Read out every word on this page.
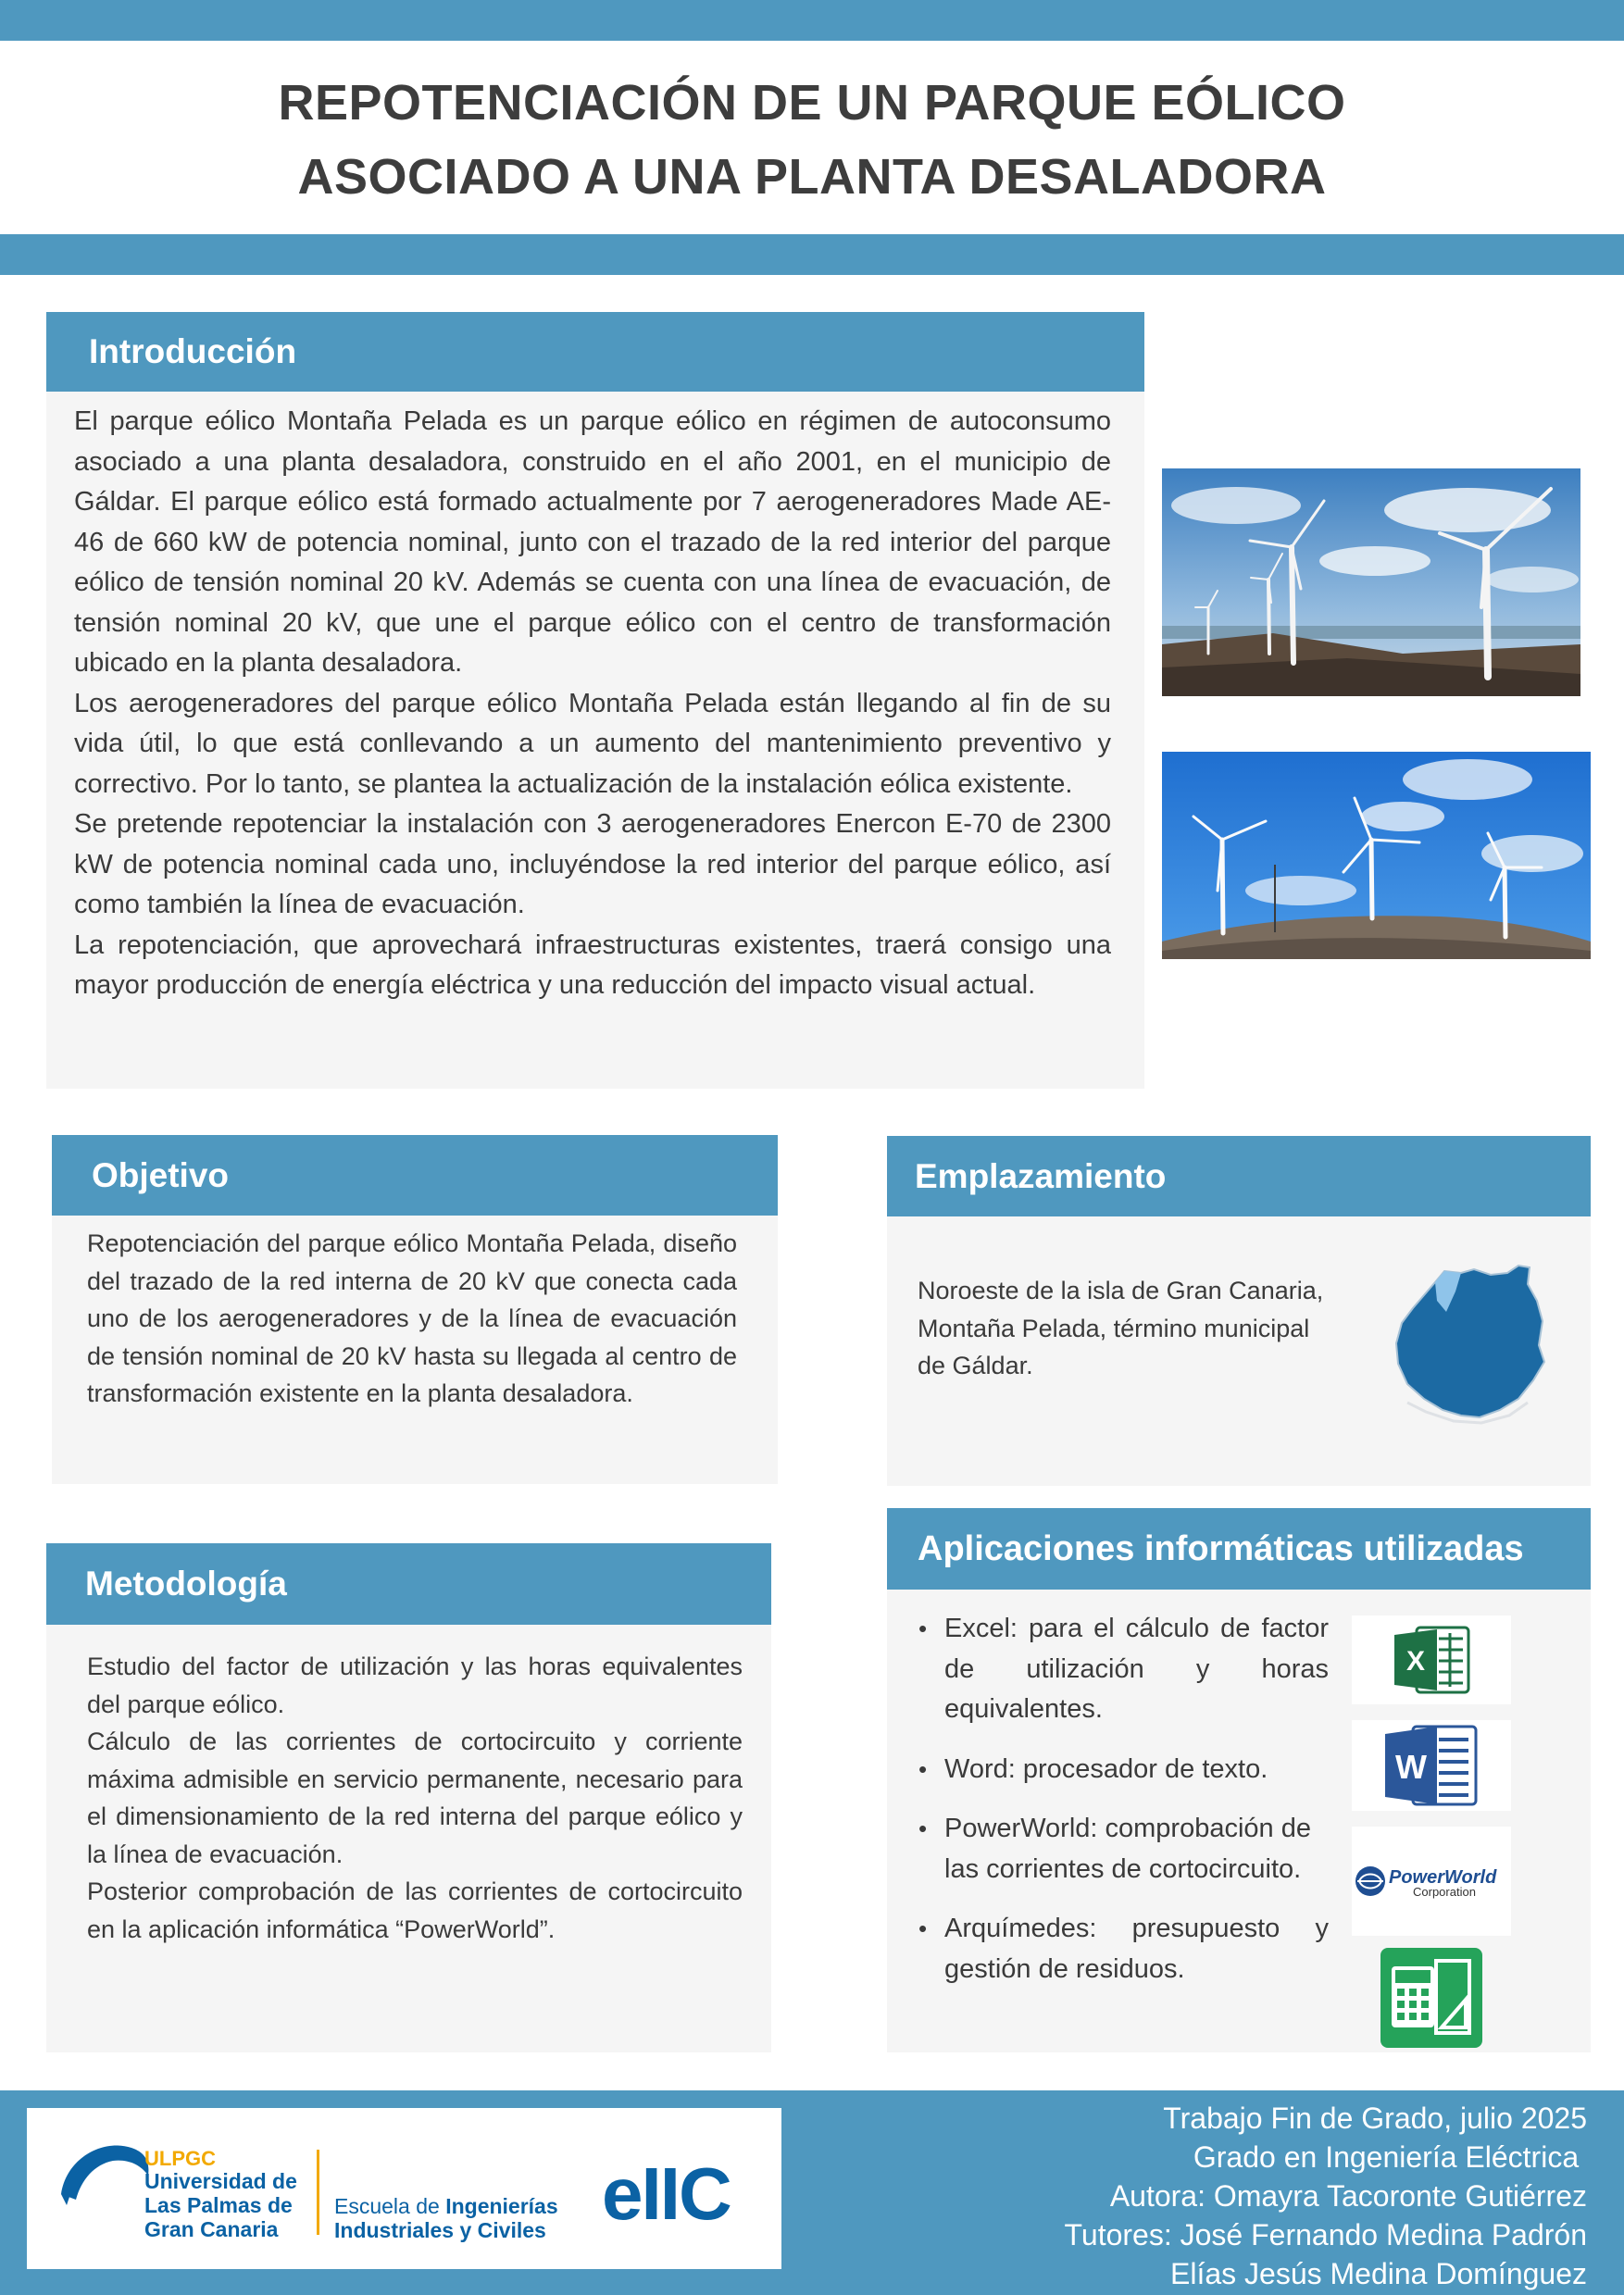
REPOTENCIACIÓN DE UN PARQUE EÓLICO
ASOCIADO A UNA PLANTA DESALADORA
Introducción

El parque eólico Montaña Pelada es un parque eólico en régimen de autoconsumo asociado a una planta desaladora, construido en el año 2001, en el municipio de Gáldar. El parque eólico está formado actualmente por 7 aerogeneradores Made AE-46 de 660 kW de potencia nominal, junto con el trazado de la red interior del parque eólico de tensión nominal 20 kV. Además se cuenta con una línea de evacuación, de tensión nominal 20 kV, que une el parque eólico con el centro de transformación ubicado en la planta desaladora.

Los aerogeneradores del parque eólico Montaña Pelada están llegando al fin de su vida útil, lo que está conllevando a un aumento del mantenimiento preventivo y correctivo. Por lo tanto, se plantea la actualización de la instalación eólica existente.

Se pretende repotenciar la instalación con 3 aerogeneradores Enercon E-70 de 2300 kW de potencia nominal cada uno, incluyéndose la red interior del parque eólico, así como también la línea de evacuación.

La repotenciación, que aprovechará infraestructuras existentes, traerá consigo una mayor producción de energía eléctrica y una reducción del impacto visual actual.

Objetivo
Repotenciación del parque eólico Montaña Pelada, diseño del trazado de la red interna de 20 kV que conecta cada uno de los aerogeneradores y de la línea de evacuación de tensión nominal de 20 kV hasta su llegada al centro de transformación existente en la planta desaladora.
Emplazamiento
Noroeste de la isla de Gran Canaria, Montaña Pelada, término municipal de Gáldar.
Metodología

Estudio del factor de utilización y las horas equivalentes del parque eólico.

Cálculo de las corrientes de cortocircuito y corriente máxima admisible en servicio permanente, necesario para el dimensionamiento de la red interna del parque eólico y la línea de evacuación.

Posterior comprobación de las corrientes de cortocircuito en la aplicación informática “PowerWorld”.

Aplicaciones informáticas utilizadas
• Excel: para el cálculo de factor de utilización y horas equivalentes.
• Word: procesador de texto.
• PowerWorld: comprobación de las corrientes de cortocircuito.
• Arquímedes: presupuesto y gestión de residuos.
X
W
PowerWorld
Corporation
ULPGC
Universidad de
Las Palmas de
Gran Canaria
Escuela de Ingenierías
Industriales y Civiles eIIC
Trabajo Fin de Grado, julio 2025
Grado en Ingeniería Eléctrica
Autora: Omayra Tacoronte Gutiérrez
Tutores: José Fernando Medina Padrón
Elías Jesús Medina Domínguez
